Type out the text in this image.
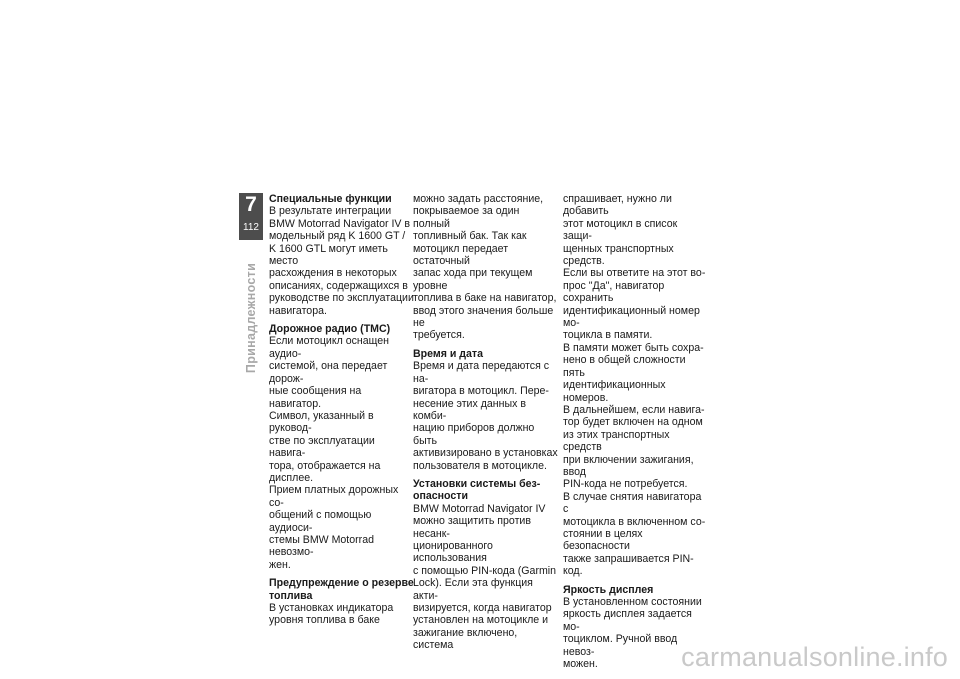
7
112
Принадлежности
Специальные функции
В результате интеграции
BMW Motorrad Navigator IV в
модельный ряд K 1600 GT /
K 1600 GTL могут иметь место
расхождения в некоторых
описаниях, содержащихся в
руководстве по эксплуатации
навигатора.
Дорожное радио (TMC)
Если мотоцикл оснащен аудио-
системой, она передает дорож-
ные сообщения на навигатор.
Символ, указанный в руковод-
стве по эксплуатации навига-
тора, отображается на дисплее.
Прием платных дорожных со-
общений с помощью аудиоси-
стемы BMW Motorrad невозмо-
жен.
Предупреждение о резерве топлива
В установках индикатора
уровня топлива в баке
можно задать расстояние,
покрываемое за один полный
топливный бак. Так как
мотоцикл передает остаточный
запас хода при текущем уровне
топлива в баке на навигатор,
ввод этого значения больше не
требуется.
Время и дата
Время и дата передаются с на-
вигатора в мотоцикл. Пере-
несение этих данных в комби-
нацию приборов должно быть
активизировано в установках
пользователя в мотоцикле.
Установки системы без-опасности
BMW Motorrad Navigator IV
можно защитить против несанк-
ционированного использования
с помощью PIN-кода (Garmin
Lock). Если эта функция акти-
визируется, когда навигатор
установлен на мотоцикле и
зажигание включено, система
спрашивает, нужно ли добавить
этот мотоцикл в список защи-
щенных транспортных средств.
Если вы ответите на этот во-
прос "Да", навигатор сохранить
идентификационный номер мо-
тоцикла в памяти.
В памяти может быть сохра-
нено в общей сложности пять
идентификационных номеров.
В дальнейшем, если навига-
тор будет включен на одном
из этих транспортных средств
при включении зажигания, ввод
PIN-кода не потребуется.
В случае снятия навигатора с
мотоцикла в включенном со-
стоянии в целях безопасности
также запрашивается PIN-код.
Яркость дисплея
В установленном состоянии
яркость дисплея задается мо-
тоциклом. Ручной ввод невоз-
можен.	carmanualsonline.info
